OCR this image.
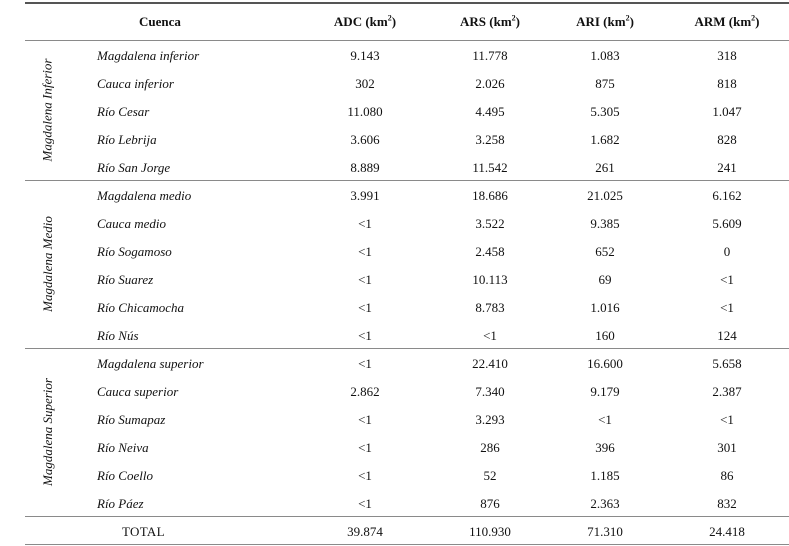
Cuenca	ADC $(km^2)$	ARS $(km^2)$	ARI $(km^2)$	ARM $(km^2)$
Magdalena Inferior
Magdalena inferior	9.143	11.778	1.083	318
Cauca inferior	302	2.026	875	818
Río Cesar	11.080	4.495	5.305	1.047
Río Lebrija	3.606	3.258	1.682	828
Río San Jorge	8.889	11.542	261	241
Magdalena Medio
Magdalena medio	3.991	18.686	21.025	6.162
Cauca medio	<1	3.522	9.385	5.609
Río Sogamoso	<1	2.458	652	0
Río Suarez	<1	10.113	69	<1
Río Chicamocha	<1	8.783	1.016	<1
Río Nús	<1	<1	160	124
Magdalena Superior
Magdalena superior	<1	22.410	16.600	5.658
Cauca superior	2.862	7.340	9.179	2.387
Río Sumapaz	<1	3.293	<1	<1
Río Neiva	<1	286	396	301
Río Coello	<1	52	1.185	86
Río Páez	<1	876	2.363	832
TOTAL	39.874	110.930	71.310	24.418
